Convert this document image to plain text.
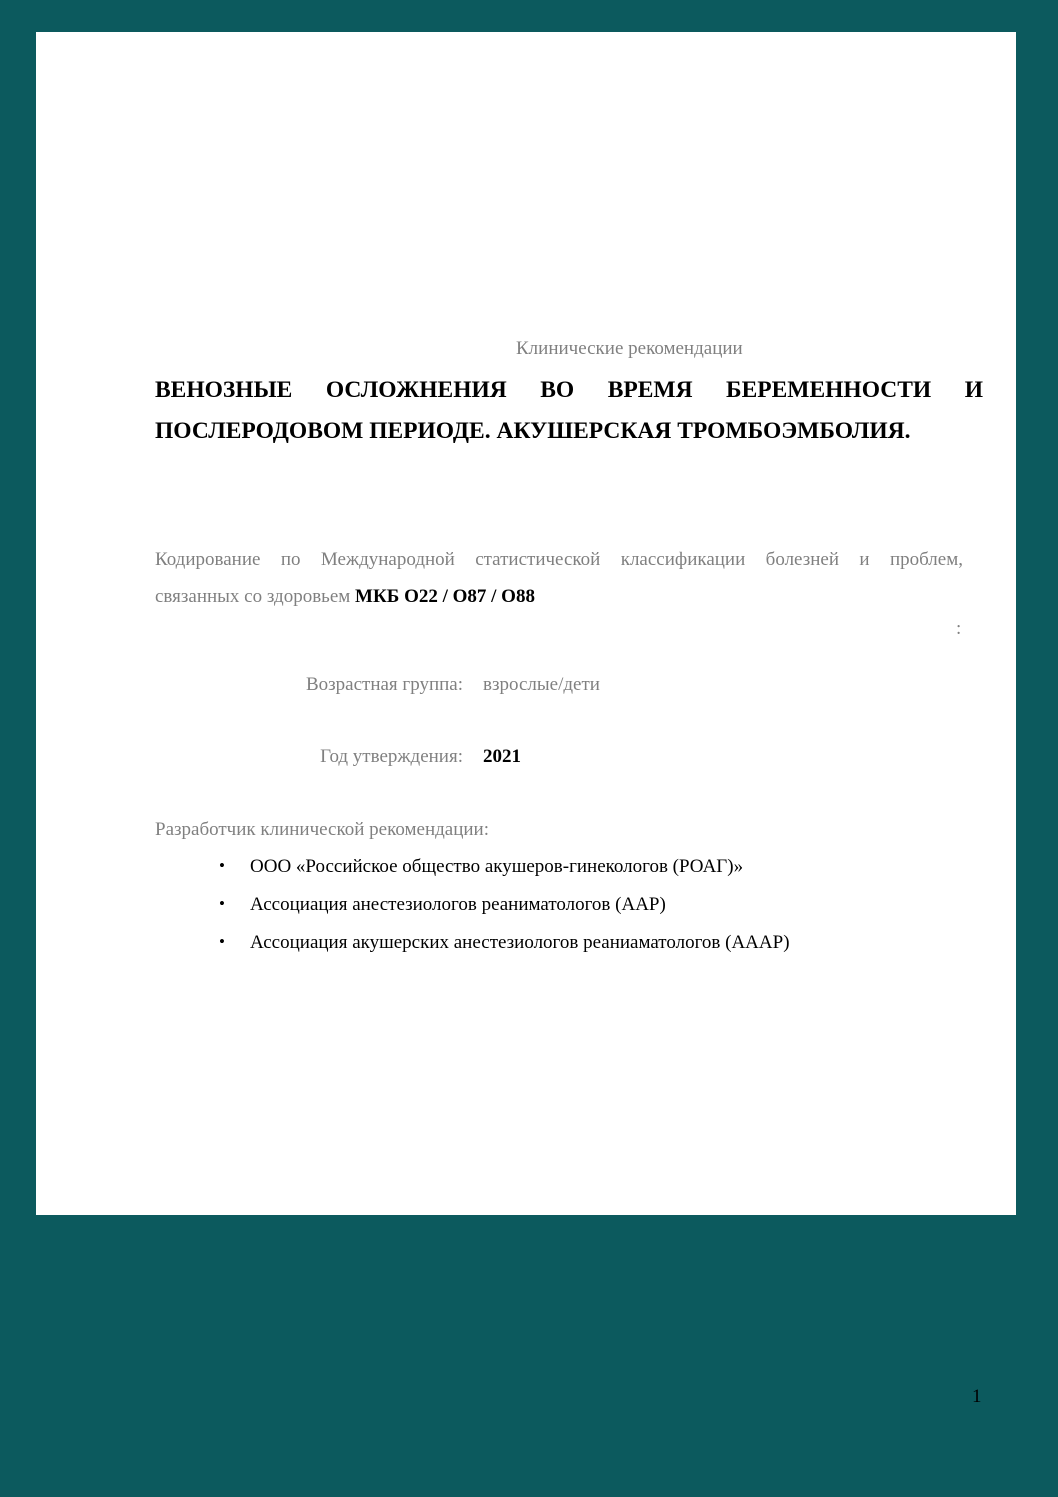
Клинические рекомендации
ВЕНОЗНЫЕ ОСЛОЖНЕНИЯ ВО ВРЕМЯ БЕРЕМЕННОСТИ И
ПОСЛЕРОДОВОМ ПЕРИОДЕ. АКУШЕРСКАЯ ТРОМБОЭМБОЛИЯ.
Кодирование по Международной статистической классификации болезней и проблем,
связанных со здоровьем МКБ O22 / O87 / O88
:
Возрастная группа: взрослые/дети
Год утверждения: 2021
Разработчик клинической рекомендации:
• ООО «Российское общество акушеров-гинекологов (РОАГ)»
• Ассоциация анестезиологов реаниматологов (ААР)
• Ассоциация акушерских анестезиологов реаниаматологов (АААР)
1
